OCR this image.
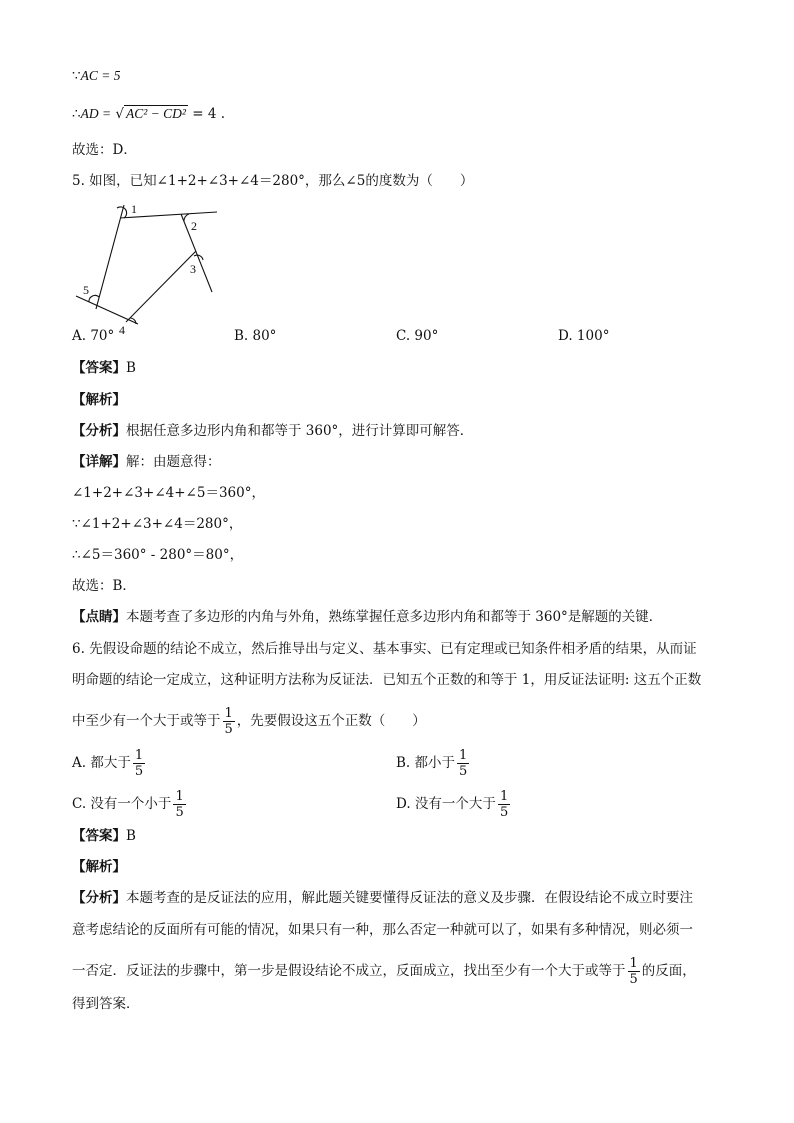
∵AC = 5
∴AD = √ AC² − CD² = 4 .
故选：D．
5. 如图，已知∠1+2+∠3+∠4＝280°，那么∠5的度数为（　　）
1
2
3
4
5
A. 70°	B. 80°	C. 90°	D. 100°
【答案】B
【解析】
【分析】根据任意多边形内角和都等于 360°，进行计算即可解答．
【详解】解：由题意得：
∠1+2+∠3+∠4+∠5＝360°，
∵∠1+2+∠3+∠4＝280°，
∴∠5＝360° - 280°＝80°，
故选：B．
【点睛】本题考查了多边形的内角与外角，熟练掌握任意多边形内角和都等于 360°是解题的关键．
6. 先假设命题的结论不成立，然后推导出与定义、基本事实、已有定理或已知条件相矛盾的结果，从而证
明命题的结论一定成立，这种证明方法称为反证法．已知五个正数的和等于 1，用反证法证明: 这五个正数
中至少有一个大于或等于 $\frac{1}{5}$ ，先要假设这五个正数（　　）
A. 都大于 $\frac{1}{5}$	B. 都小于 $\frac{1}{5}$
C. 没有一个小于 $\frac{1}{5}$	D. 没有一个大于 $\frac{1}{5}$
【答案】B
【解析】
【分析】本题考查的是反证法的应用，解此题关键要懂得反证法的意义及步骤．在假设结论不成立时要注
意考虑结论的反面所有可能的情况，如果只有一种，那么否定一种就可以了，如果有多种情况，则必须一
一否定．反证法的步骤中，第一步是假设结论不成立，反面成立，找出至少有一个大于或等于 $\frac{1}{5}$ 的反面，
得到答案．
